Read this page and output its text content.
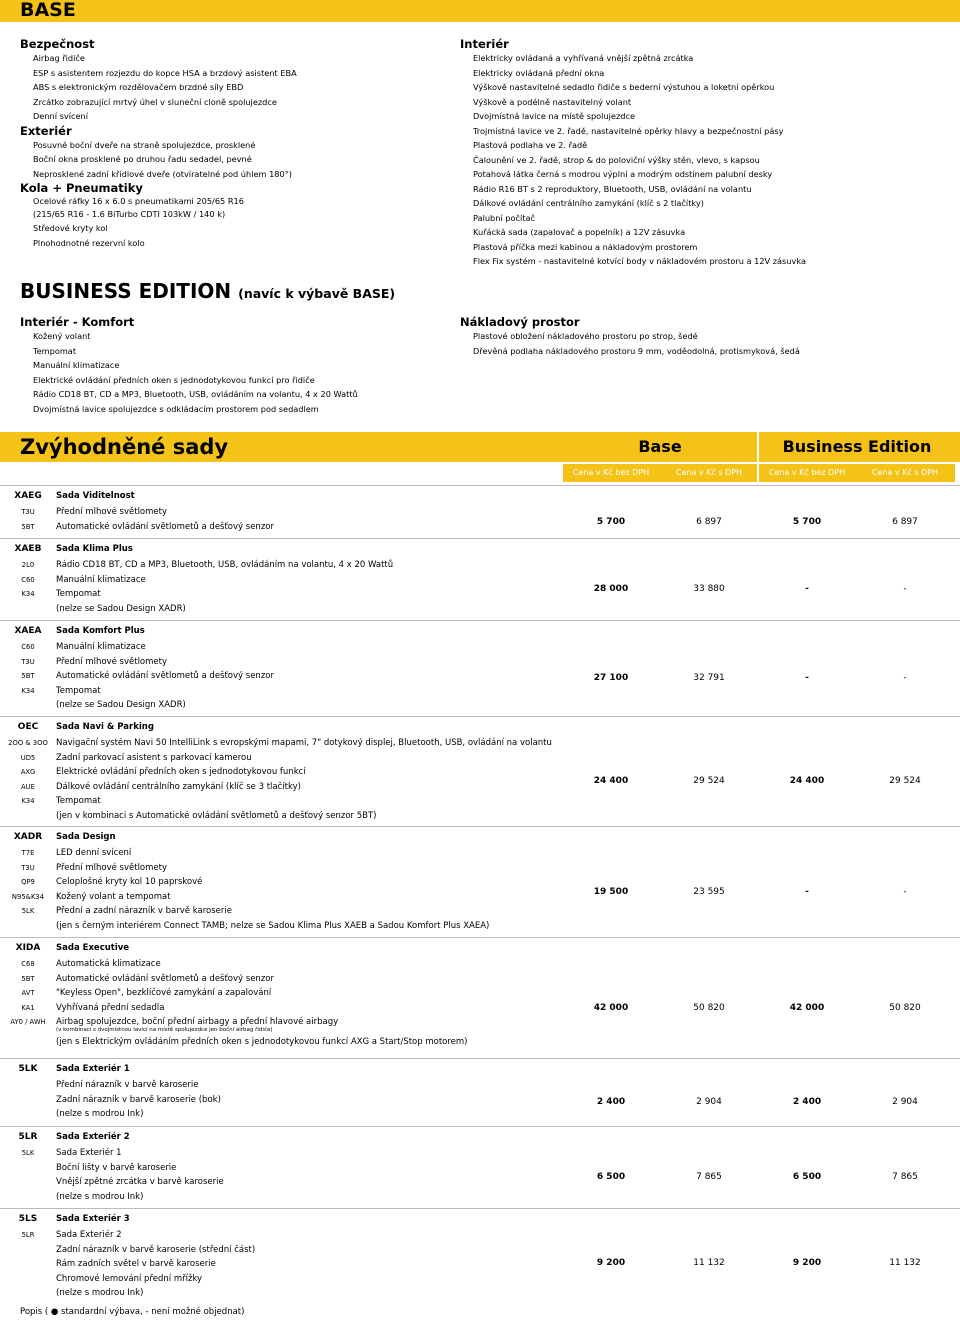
BASE
Bezpečnost
Airbag řidiče
ESP s asistentem rozjezdu do kopce HSA a brzdový asistent EBA
ABS s elektronickým rozdělovačem brzdné síly EBD
Zrcátko zobrazující mrtvý úhel v sluneční cloně spolujezdce
Denní svícení
Exteriér
Posuvné boční dveře na straně spolujezdce, prosklené
Boční okna prosklené po druhou řadu sedadel, pevné
Neprosklené zadní křídlové dveře (otvíratelné pod úhlem 180°)
Kola + Pneumatiky
Ocelové ráfky 16 x 6.0 s pneumatikami 205/65 R16
(215/65 R16 - 1.6 BiTurbo CDTI 103kW / 140 k)
Středové kryty kol
Plnohodnotné rezervní kolo
Interiér
Elektricky ovládaná a vyhřívaná vnější zpětná zrcátka
Elektricky ovládaná přední okna
Výškově nastavitelné sedadlo řidiče s bederní výstuhou a loketní opěrkou
Výškově a podélně nastavitelný volant
Dvojmístná lavice na místě spolujezdce
Trojmístná lavice ve 2. řadě, nastavitelné opěrky hlavy a bezpečnostní pásy
Plastová podlaha ve 2. řadě
Čalounění ve 2. řadě, strop & do poloviční výšky stěn, vlevo, s kapsou
Potahová látka černá s modrou výplní a modrým odstínem palubní desky
Rádio R16 BT s 2 reproduktory, Bluetooth, USB, ovládání na volantu
Dálkové ovládání centrálního zamykání (klíč s 2 tlačítky)
Palubní počítač
Kuřácká sada (zapalovač a popelník) a 12V zásuvka
Plastová příčka mezi kabinou a nákladovým prostorem
Flex Fix systém - nastavitelné kotvící body v nákladovém prostoru a 12V zásuvka
BUSINESS EDITION (navíc k výbavě BASE)
Interiér - Komfort
Kožený volant
Tempomat
Manuální klimatizace
Elektrické ovládání předních oken s jednodotykovou funkcí pro řidiče
Rádio CD18 BT, CD a MP3, Bluetooth, USB, ovládáním na volantu, 4 x 20 Wattů
Dvojmístná lavice spolujezdce s odkládacím prostorem pod sedadlem
Nákladový prostor
Plastové obložení nákladového prostoru po strop, šedé
Dřevěná podlaha nákladového prostoru 9 mm, voděodolná, protismyková, šedá
Zvýhodněné sady	Base	Business Edition
Cena v Kč bez DPH	Cena v Kč s DPH	Cena v Kč bez DPH	Cena v Kč s DPH
XAEG	Sada Viditelnost
T3U	Přední mlhové světlomety
5BT	Automatické ovládání světlometů a dešťový senzor	5 700	6 897	5 700	6 897
XAEB	Sada Klima Plus
2L0	Rádio CD18 BT, CD a MP3, Bluetooth, USB, ovládáním na volantu, 4 x 20 Wattů
C60	Manuální klimatizace
K34	Tempomat
(nelze se Sadou Design XADR)
28 000	33 880	-	-
XAEA	Sada Komfort Plus
C60	Manuální klimatizace
T3U	Přední mlhové světlomety
5BT	Automatické ovládání světlometů a dešťový senzor
K34	Tempomat
(nelze se Sadou Design XADR)
27 100	32 791	-	-
OEC	Sada Navi & Parking
2OO & 3OO Navigační systém Navi 50 IntelliLink s evropskými mapami, 7" dotykový displej, Bluetooth, USB, ovládání na volantu
UD5	Zadní parkovací asistent s parkovací kamerou
AXG	Elektrické ovládání předních oken s jednodotykovou funkcí
AUE	Dálkové ovládání centrálního zamykání (klíč se 3 tlačítky)
K34	Tempomat
(jen v kombinaci s Automatické ovládání světlometů a dešťový senzor 5BT)
24 400	29 524	24 400	29 524
XADR	Sada Design
T7E	LED denní svícení
T3U	Přední mlhové světlomety
QP9	Celoplošné kryty kol 10 paprskové
N95&K34	Kožený volant a tempomat
5LK	Přední a zadní nárazník v barvě karoserie
(jen s černým interiérem Connect TAMB; nelze se Sadou Klima Plus XAEB a Sadou Komfort Plus XAEA)
19 500	23 595	-	-
XIDA	Sada Executive
C68	Automatická klimatizace
5BT	Automatické ovládání světlometů a dešťový senzor
AVT	"Keyless Open", bezklíčové zamykání a zapalování
KA1	Vyhřívaná přední sedadla
AY0 / AWH	Airbag spolujezdce, boční přední airbagy a přední hlavové airbagy
(v kombinaci s dvojmístnou lavicí na místě spolujezdce jen boční airbag řidiče)
(jen s Elektrickým ovládáním předních oken s jednodotykovou funkcí AXG a Start/Stop motorem)
42 000	50 820	42 000	50 820
5LK	Sada Exteriér 1
Přední nárazník v barvě karoserie
Zadní nárazník v barvě karoserie (bok)
(nelze s modrou Ink)
2 400	2 904	2 400	2 904
5LR	Sada Exteriér 2
5LK	Sada Exteriér 1
Boční lišty v barvě karoserie
Vnější zpětné zrcátka v barvě karoserie
(nelze s modrou Ink)
6 500	7 865	6 500	7 865
5LS	Sada Exteriér 3
5LR	Sada Exteriér 2
Zadní nárazník v barvě karoserie (střední část)
Rám zadních světel v barvě karoserie
Chromové lemování přední mřížky
(nelze s modrou Ink)
9 200	11 132	9 200	11 132
Popis ( ● standardní výbava, - není možné objednat)
